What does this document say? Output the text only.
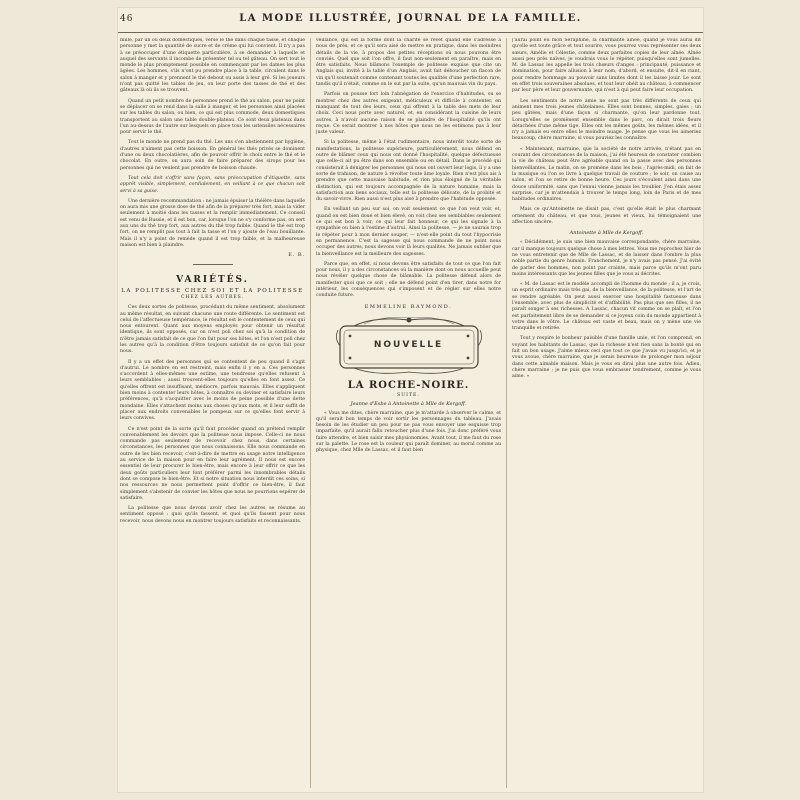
46	LA MODE ILLUSTRÉE, JOURNAL DE LA FAMILLE.

mille, par un ou deux domestiques, verse le thé dans chaque tasse, et chaque personne y met la quantité de sucre et de crème qui lui convient. Il n'y a pas à se préoccuper d'une étiquette particulière, à se demander à laquelle et auquel des servants il incombe de présenter tel ou tel gâteau. On sert tout le monde le plus promptement possible en commençant par les dames les plus âgées. Les hommes, s'ils n'ont pu prendre place à la table, circulent dans le salon à manger et y prennent le thé debout ou assis à leur gré. Si les joueurs n'ont pas quitté les tables de jeu, on leur porte des tasses de thé et des gâteaux là où ils se trouvent.

Quand un petit nombre de personnes prend le thé au salon, pour ne point se déplacer on se rend dans la salle à manger, et les personnes ainsi placées sur les tables du salon, ou bien, ce qui est plus commode, deux domestiques transportent au salon une table double-plateau. Ce sont deux plateaux dans l'un au-dessus de l'autre sur lesquels on place tous les ustensiles nécessaires pour servir le thé.

Tout le monde ne prend pas du thé. Les uns s'en abstiennent par hygiène, d'autres n'aiment pas cette boisson. En général les thés privés se dominent d'une ou deux chocolatières, afin de pouvoir offrir le choix entre le thé et le chocolat. En outre, on aura soin de faire préparer des sirops pour les personnes qui ne veulent pas prendre de boisson chaude.

Tout cela doit s'offrir sans façon, sans préoccupation d'étiquette, sans apprêt visible, simplement, cordialement, en veillant à ce que chacun soit servi à sa guise.

Une dernière recommandation : ne jamais épuiser la théière dans laquelle on aura mis une grosse dose de thé afin de la préparer très fort, mais la vider seulement à moitié dans les tasses et la remplir immédiatement. Ce conseil est venu de Russie, et il est bon, car, lorsque l'on ne s'y conforme pas, on sert aux uns du thé trop fort, aux autres du thé trop faible. Quand le thé est trop fort, on ne remplit pas tout à fait la tasse et l'on y ajoute de l'eau bouillante. Mais il n'y a point de remède quand il est trop faible, et la malheureuse maison est bien à plaindre.

E. R.
VARIÉTÉS.
LA POLITESSE CHEZ SOI ET LA POLITESSE
CHEZ LES AUTRES.

Ces deux sortes de politesse, procédant du même sentiment, absolument au même résultat, en suivant chacune une route différente. Le sentiment est celui de l'affectueuse tempérance, le résultat est le contentement de ceux qui nous entourent. Quant aux moyens employés pour obtenir un résultat identique, ils sont opposés, car on n'est poli chez soi qu'à la condition de n'être jamais satisfait de ce que l'on fait pour ses hôtes, et l'on n'est poli chez les autres qu'à la condition d'être toujours satisfait de ce qu'on fait pour nous.

Il y a un effet des personnes qui se contentent de peu quand il s'agit d'autrui. Le nombre en est restreint, mais enfin il y en a. Ces personnes s'accordent à elles-mêmes une estime, une tendresse qu'elles refusent à leurs semblables ; aussi trouvent-elles toujours qu'elles en font assez. Ce qu'elles offrent est insuffisant, médiocre, parfois mauvais. Elles s'appliquent bien moins à contenter leurs hôtes, à connaître ou deviner et satisfaire leurs préférences, qu'à s'acquitter avec le moins de peine possible d'une dette mondaine. Elles s'attachent moins aux choses qu'aux mots, et il leur suffit de placer aux endroits convenables le pompeux sur ce qu'elles font servir à leurs convives.

Ce n'est point de la sorte qu'il faut procéder quand on prétend remplir convenablement les devoirs que la politesse nous impose. Celle-ci ne nous commande pas seulement de recevoir chez nous, dans certaines circonstances, les personnes que nous connaissons. Elle nous commande en outre de les bien recevoir, c'est-à-dire de mettre en usage notre intelligence au service de la maison pour en faire leur agrément. Il nous est encore essentiel de leur procurer le bien-être, mais encore à leur offrir ce que les deux goûts particuliers leur font préférer parmi les innombrables détails dont se compose le bien-être. Et si notre situation nous interdit ces soins, si nos ressources ne nous permettent point d'offrir ce bien-être, il faut simplement s'abstenir de convier les hôtes que nous ne pourrions espérer de satisfaire.

La politesse que nous devons avoir chez les autres se résume au sentiment opposé : quoi qu'ils fassent, et quoi qu'ils fassent pour nous recevoir, nous devons nous en montrer toujours satisfaits et reconnaissants.

veillance, qui est la forme dont la charité se revêt quand elle s'adresse à nous de près, et ce qu'il sera aisé de mettre en pratique, dans les moindres détails de la vie, à propos des petites réceptions où nous pouvons être conviés. Quel que soit l'on offre, il faut non-seulement en paraître, mais en être satisfaits. Nous blâmons l'exemple de politesse exquise que cite un Anglais qui, invité à la table d'un Anglais, avait fait déboucher un flacon de vin qu'il soutenait comme contenant toutes les qualités d'une perfection rare, tandis qu'il n'était, comme on le sut par la suite, qu'un mauvais vin du pays.

Parfois on pousse fort loin l'abnégation de l'exercice d'habitudes, ou se montrer chez des autres exigeant, méticuleux et difficile à contenter, en manquant de tout des leurs, ceux qui offrent à la table des mets de leur choix. Ceci nous porte avec naturel, et, en considérant la cuisine de leurs autres, à n'avoir aucune raison de se plaindre de l'hospitalité qu'ils ont reçue. Ce serait montrer à nos hôtes que nous ne les estimons pas à leur juste valeur.

Si la politesse, même à l'état rudimentaire, nous interdit toute sorte de manifestations, la politesse supérieure, particulièrement, nous défend en outre de blâmer ceux qui nous ont donné l'hospitalité, quelque défectueuse que celle-ci ait pu être dans son ensemble ou en détail. Dans le procédé qui consisterait à dénigrer les personnes qui nous ont ouvert leur logis, il y a une sorte de trahison, de nature à révolter toute âme loyale. Rien n'est plus ais à prendre que cette mauvaise habitude, et rien plus éloigné de la véritable distinction, qui est toujours accompagnée de la nature humaine, mais la satisfaction aux liens sociaux, telle est la politesse délicate, de la probité et du savoir-vivre. Rien aussi n'est plus aisé à prendre que l'habitude opposée.

En veillant un peu sur soi, on voit seulement ce que l'on veut voir, et, quand on est bien doué et bien élevé, on voit chez ses semblables seulement ce qui est bon à voir, ce qui leur fait honneur, ce qui les signale à la sympathie ou bien à l'estime d'autrui. Ainsi la politesse, — je ne saurais trop le répéter pour à mon dernier souper, — n'est-elle point du tout l'hypocrisie en permanence. C'est la sagesse qui nous commande de ne point nous occuper des autres, nous devons voir là leurs qualités. Ne jamais oublier que la bienveillance est la meilleure des sagesses.

Parce que, en effet, si nous devons être satisfaits de tout ce que l'on fait pour nous, il y a des circonstances où la manière dont on nous accueille peut nous révéler quelque chose de blâmable. La politesse défend alors de manifester quoi que ce soit ; elle ne défend point d'en tirer, dans notre for intérieur, les conséquences qui s'imposent et de régler sur elles notre conduite future.

EMMELINE RAYMOND.
NOUVELLE
LA ROCHE-NOIRE.
SUITE.
Jeanne d'Esbe à Antoinette à Mlle de Kergoff.

« Vous me dites, chère marraine, que je m'attarde à observer le calme, et qu'il serait bon temps de voir sortir les personnages du tableau. J'avais besoin de les étudier un peu pour ne pas vous envoyer une esquisse trop imparfaite, qu'il aurait fallu retoucher plus d'une fois. J'ai donc préféré vous faire attendre, et bien saisir mes physionomies. Avant tout, il me faut du rose sur la palette. Le rose est la couleur qui paraît dominer, au moral comme au physique, chez Mlle de Lassac, et il faut bien

j'aurai point eu mon Séraphine, la charmante aînée, quand je vous aurai dit qu'elle est toute grâce et tout sourire, vous pourrez vous représenter ses deux sœurs, Amélie et Célestie, comme deux parfaites copies de leur aînée. Aînée aussi peu près naïves, je voudrais vous le répéter, puisqu'elles sont jumelles. M. de Lassac les appelle les trois chœurs d'anges : principauté, puissance et domination, pour faire allusion à leur nom, d'abord, et ensuite, dit-il en riant, pour rendre hommage au pouvoir sans limites dont il les laisse jouir. Le sont en effet trois souveraines absolues, et tout leur obéit au château, à commencer par leur père et leur gouvernante, qui n'est à qui peut faire leur occupation.

Les sentiments de notre amie ne sont pas très différents de ceux qui animent mes trois jeunes châtelaines. Elles sont bonnes, simples, gaies ; un peu gâtées, mais d'une façon si charmante, qu'on leur pardonne tout. Lorsqu'elles se promènent ensemble dans le parc, on dirait trois fleurs détachées d'une même tige. Elles ont les mêmes goûts, les mêmes idées, et il n'y a jamais eu entre elles le moindre nuage. Je pense que vous les aimeriez beaucoup, chère marraine, si vous pouviez les connaître.

« Maintenant, marraine, que la société de notre arrivée, n'étant pas en courant des circonstances de la maison, j'ai été heureux de constater combien la vie de château peut être agréable quand on la passe avec des personnes bienveillantes. Le matin, on se promène dans les bois ; l'après-midi, on fait de la musique ou l'on se livre à quelque travail de couture ; le soir, on cause au salon, et l'on se retire de bonne heure. Ces jours s'écoulent ainsi dans une douce uniformité, sans que l'ennui vienne jamais les troubler. J'en étais assez surprise, car je m'attendais à trouver le temps long, loin de Paris et de mes habitudes ordinaires.

Mais ce qu'Antoinette ne disait pas, c'est qu'elle était le plus charmant ornement du château, et que tous, jeunes et vieux, lui témoignaient une affection sincère.

Antoinette à Mlle de Kergoff.

« Décidément, je suis une bien mauvaise correspondante, chère marraine, car il manque toujours quelque chose à mes lettres. Vous me reprochez hier de ne vous entretenir que de Mlle de Lassac, et de laisser dans l'ombre la plus noble partie du genre humain. Franchement, je n'y avais pas pensé. J'ai évité de parler des hommes, non point par crainte, mais parce qu'ils m'ont paru moins intéressants que les jeunes filles que je vous ai décrites.

« M. de Lassac est le modèle accompli de l'homme du monde ; il a, je crois, un esprit ordinaire mais très gai, de la bienveillance, de la politesse, et l'art de se rendre agréable. On peut aussi exercer une hospitalité fastueuse dans l'ensemble, avec plus de simplicité et d'affabilité. Pas plus que ses filles, il ne paraît songer à ses richesses. A Lassac, chacun vit comme on se plaît, et l'on est parfaitement libre de se demander si ce joyeux coin du monde appartient à votre dans le vôtre. Le château est vaste et beau, mais on y mène une vie tranquille et retirée.

Tout y respire le bonheur paisible d'une famille unie, et l'on comprend, en voyant les habitants de Lassac, que la richesse n'est rien sans la bonté qui en fait un bon usage. J'aime mieux ceci que tout ce que j'avais vu jusqu'ici, et je vous avoue, chère marraine, que je serais heureuse de prolonger mon séjour dans cette aimable maison. Mais je vous en dirai plus une autre fois. Adieu, chère marraine ; je ne puis que vous embrasser tendrement, comme je vous aime. »
